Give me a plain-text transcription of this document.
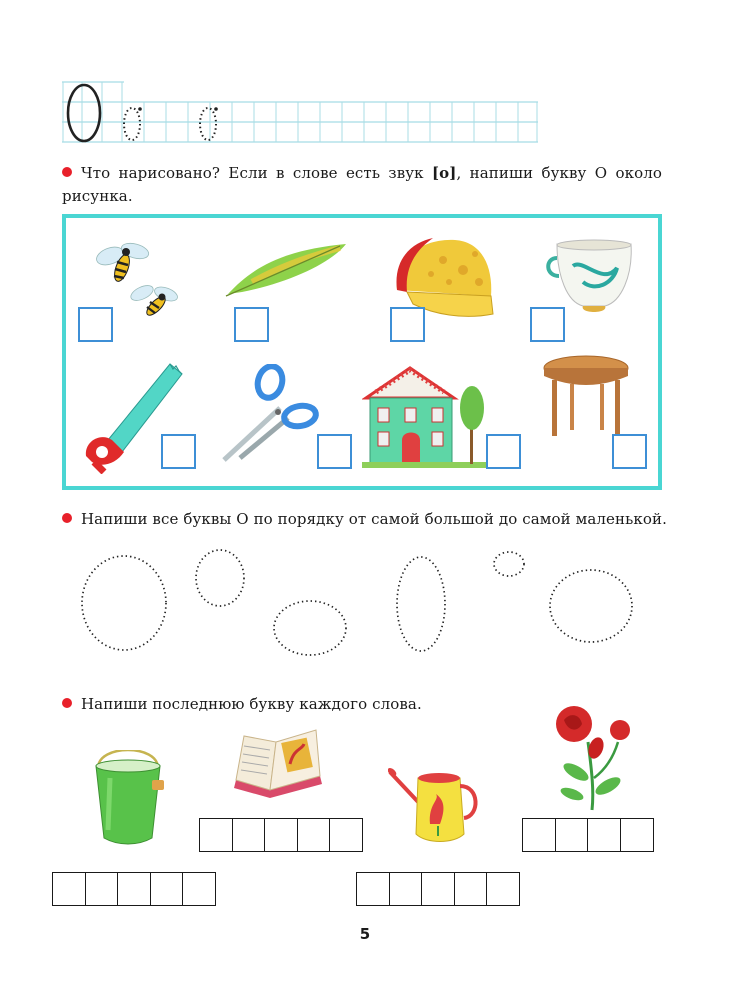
Что нарисовано? Если в слове есть звук [о], напиши букву О около рисунка.
Напиши все буквы О по порядку от самой большой до самой маленькой.
Напиши последнюю букву каждого слова.
5
